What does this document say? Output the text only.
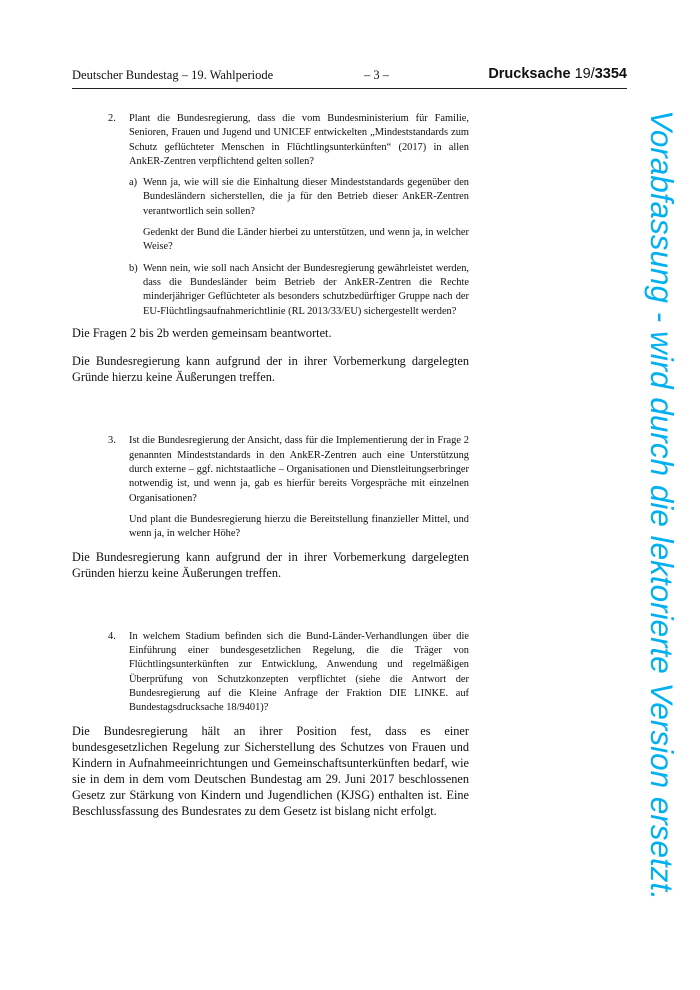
Deutscher Bundestag – 19. Wahlperiode	– 3 –	Drucksache 19/3354
2.	Plant die Bundesregierung, dass die vom Bundesministerium für Familie, Senioren, Frauen und Jugend und UNICEF entwickelten „Mindeststandards zum Schutz geflüchteter Menschen in Flüchtlingsunterkünften“ (2017) in allen AnkER-Zentren verpflichtend gelten sollen?
a) Wenn ja, wie will sie die Einhaltung dieser Mindeststandards gegenüber den Bundesländern sicherstellen, die ja für den Betrieb dieser AnkER-Zentren verantwortlich sein sollen?
Gedenkt der Bund die Länder hierbei zu unterstützen, und wenn ja, in welcher Weise?
b) Wenn nein, wie soll nach Ansicht der Bundesregierung gewährleistet werden, dass die Bundesländer beim Betrieb der AnkER-Zentren die Rechte minderjähriger Geflüchteter als besonders schutzbedürftiger Gruppe nach der EU-Flüchtlingsaufnahmerichtlinie (RL 2013/33/EU) sichergestellt werden?

Die Fragen 2 bis 2b werden gemeinsam beantwortet.

Die Bundesregierung kann aufgrund der in ihrer Vorbemerkung dargelegten Gründe hierzu keine Äußerungen treffen.

3.	Ist die Bundesregierung der Ansicht, dass für die Implementierung der in Frage 2 genannten Mindeststandards in den AnkER-Zentren auch eine Unterstützung durch externe – ggf. nichtstaatliche – Organisationen und Dienstleitungserbringer notwendig ist, und wenn ja, gab es hierfür bereits Vorgespräche mit einzelnen Organisationen?
Und plant die Bundesregierung hierzu die Bereitstellung finanzieller Mittel, und wenn ja, in welcher Höhe?

Die Bundesregierung kann aufgrund der in ihrer Vorbemerkung dargelegten Gründen hierzu keine Äußerungen treffen.

4.	In welchem Stadium befinden sich die Bund-Länder-Verhandlungen über die Einführung einer bundesgesetzlichen Regelung, die die Träger von Flüchtlingsunterkünften zur Entwicklung, Anwendung und regelmäßigen Überprüfung von Schutzkonzepten verpflichtet (siehe die Antwort der Bundesregierung auf die Kleine Anfrage der Fraktion DIE LINKE. auf Bundestagsdrucksache 18/9401)?

Die Bundesregierung hält an ihrer Position fest, dass es einer bundesgesetzlichen Regelung zur Sicherstellung des Schutzes von Frauen und Kindern in Aufnahmeeinrichtungen und Gemeinschaftsunterkünften bedarf, wie sie in dem in dem vom Deutschen Bundestag am 29. Juni 2017 beschlossenen Gesetz zur Stärkung von Kindern und Jugendlichen (KJSG) enthalten ist. Eine Beschlussfassung des Bundesrates zu dem Gesetz ist bislang nicht erfolgt.	Vorabfassung - wird durch die lektorierte Version ersetzt.
